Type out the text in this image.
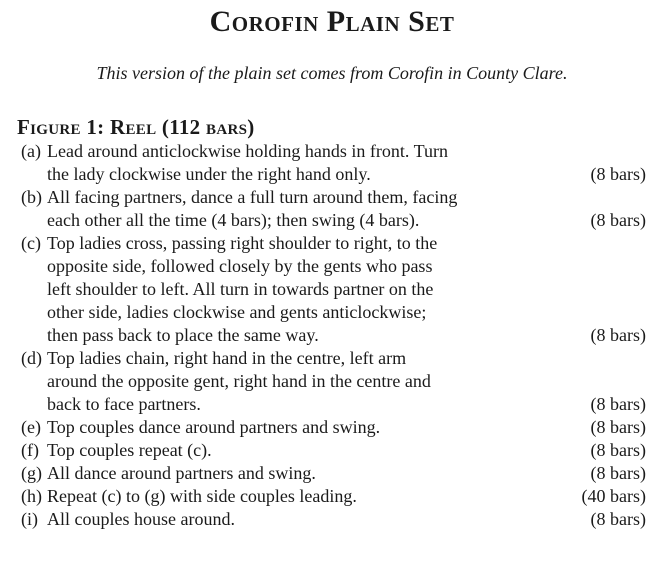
Corofin Plain Set
This version of the plain set comes from Corofin in County Clare.
Figure 1: Reel (112 bars)
(a) Lead around anticlockwise holding hands in front. Turn
the lady clockwise under the right hand only.	(8 bars)
(b) All facing partners, dance a full turn around them, facing
each other all the time (4 bars); then swing (4 bars).	(8 bars)
(c) Top ladies cross, passing right shoulder to right, to the
opposite side, followed closely by the gents who pass
left shoulder to left. All turn in towards partner on the
other side, ladies clockwise and gents anticlockwise;
then pass back to place the same way.	(8 bars)
(d) Top ladies chain, right hand in the centre, left arm
around the opposite gent, right hand in the centre and
back to face partners.	(8 bars)
(e) Top couples dance around partners and swing.	(8 bars)
(f) Top couples repeat (c).	(8 bars)
(g) All dance around partners and swing.	(8 bars)
(h) Repeat (c) to (g) with side couples leading.	(40 bars)
(i) All couples house around.	(8 bars)
